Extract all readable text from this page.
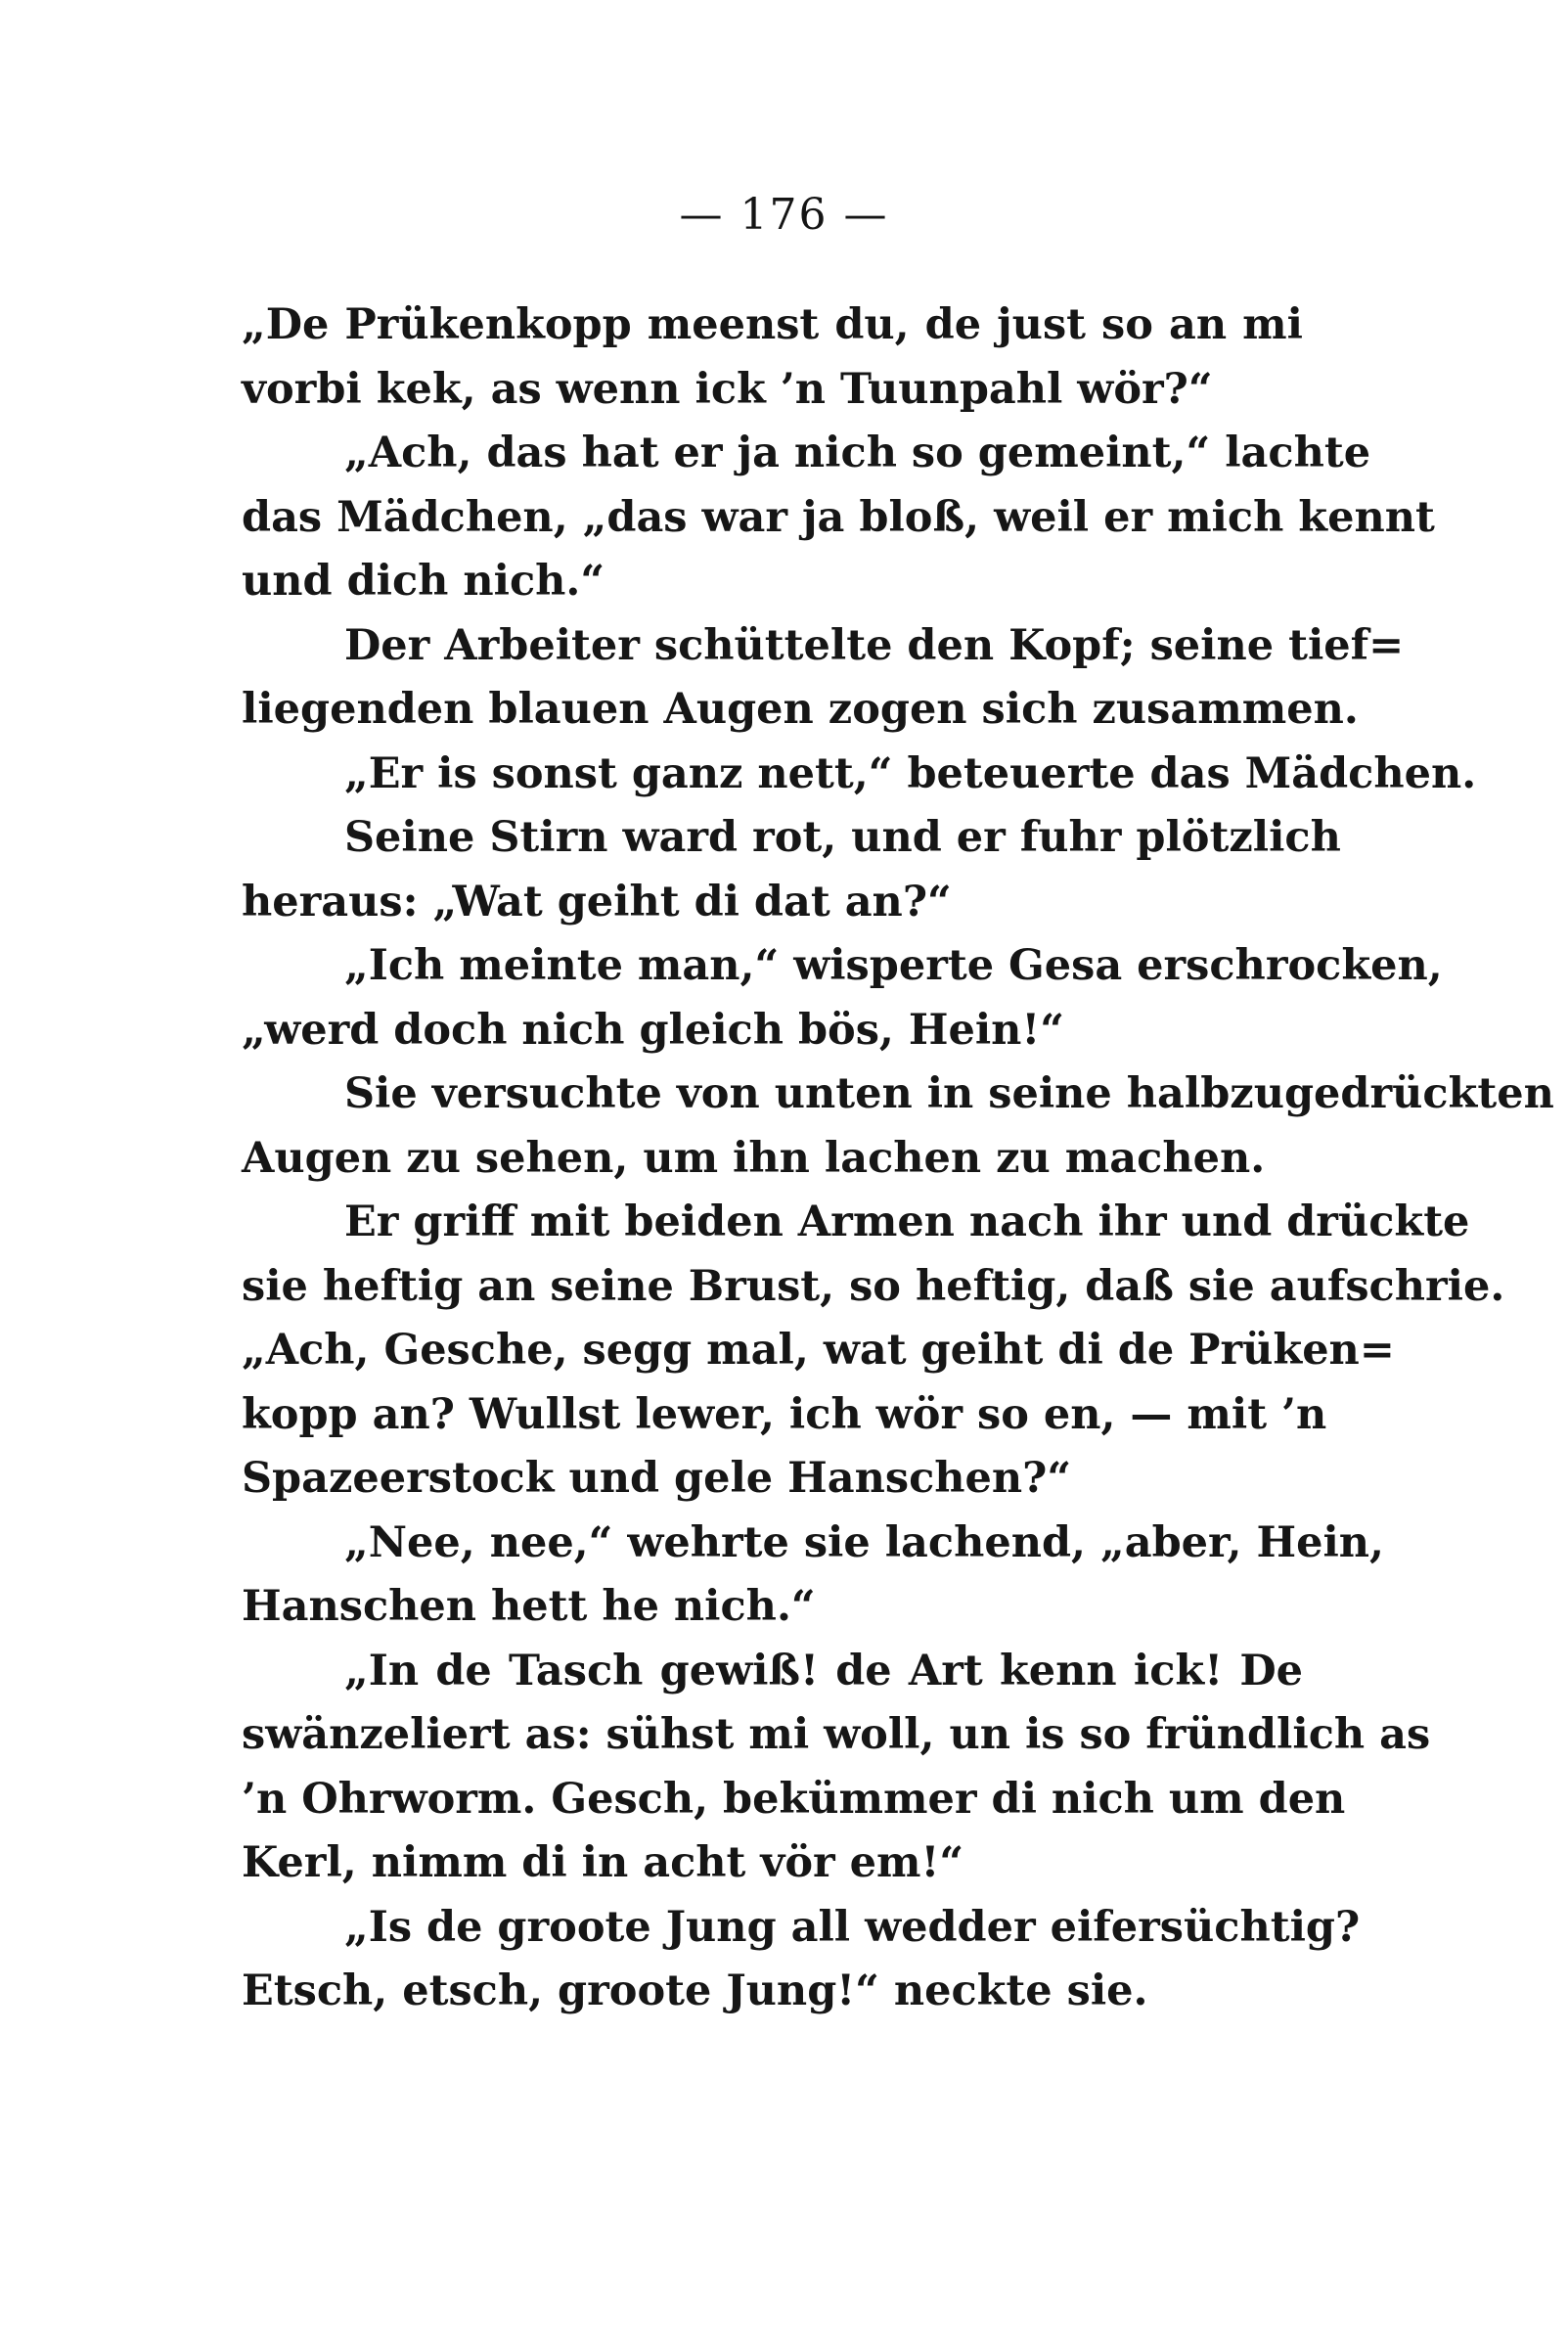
— 176 —
„De Prükenkopp meenst du, de just so an mi
vorbi kek, as wenn ick ’n Tuunpahl wör?“
„Ach, das hat er ja nich so gemeint,“ lachte
das Mädchen, „das war ja bloß, weil er mich kennt
und dich nich.“
Der Arbeiter schüttelte den Kopf; seine tief=
liegenden blauen Augen zogen sich zusammen.
„Er is sonst ganz nett,“ beteuerte das Mädchen.
Seine Stirn ward rot, und er fuhr plötzlich
heraus: „Wat geiht di dat an?“
„Ich meinte man,“ wisperte Gesa erschrocken,
„werd doch nich gleich bös, Hein!“
Sie versuchte von unten in seine halbzugedrückten
Augen zu sehen, um ihn lachen zu machen.
Er griff mit beiden Armen nach ihr und drückte
sie heftig an seine Brust, so heftig, daß sie aufschrie.
„Ach, Gesche, segg mal, wat geiht di de Prüken=
kopp an? Wullst lewer, ich wör so en, — mit ’n
Spazeerstock und gele Hanschen?“
„Nee, nee,“ wehrte sie lachend, „aber, Hein,
Hanschen hett he nich.“
„In de Tasch gewiß! de Art kenn ick! De
swänzeliert as: sühst mi woll, un is so fründlich as
’n Ohrworm. Gesch, bekümmer di nich um den
Kerl, nimm di in acht vör em!“
„Is de groote Jung all wedder eifersüchtig?
Etsch, etsch, groote Jung!“ neckte sie.
